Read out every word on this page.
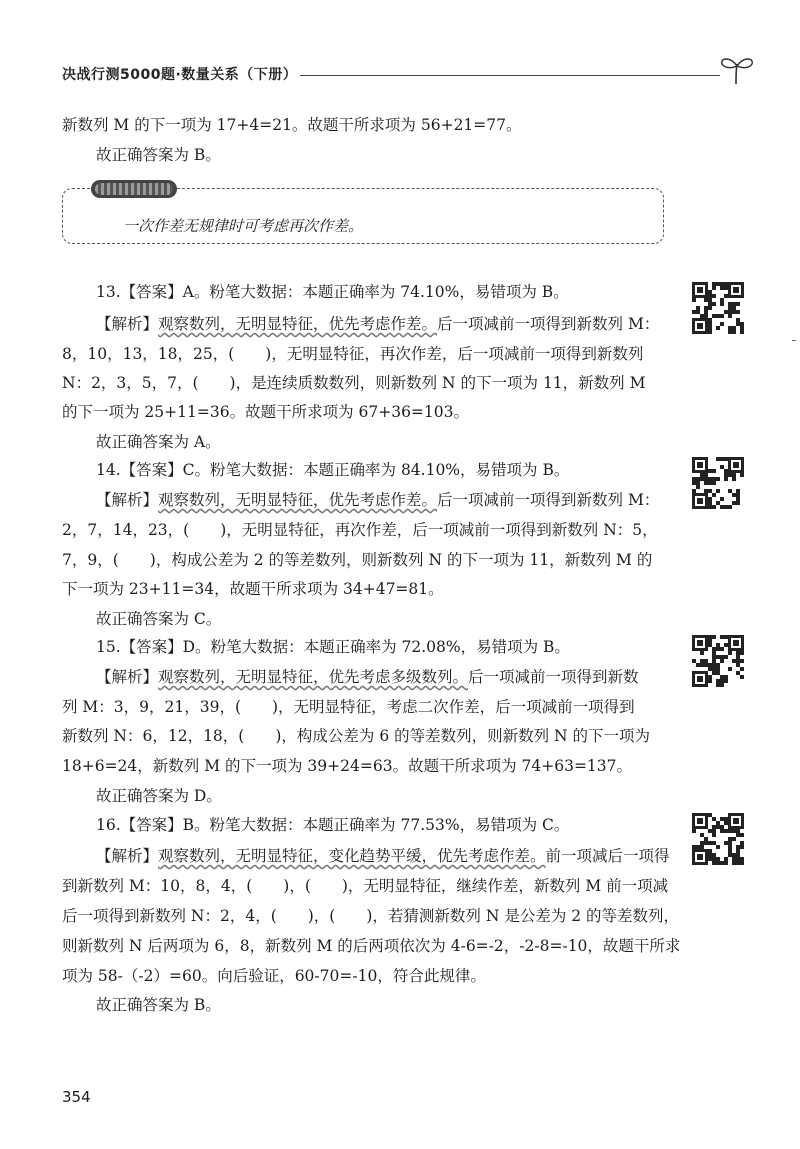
决战行测5000题·数量关系（下册）
新数列 M 的下一项为 17+4=21。故题干所求项为 56+21=77。
故正确答案为 B。
一次作差无规律时可考虑再次作差。
13.【答案】A。粉笔大数据：本题正确率为 74.10%，易错项为 B。
【解析】观察数列，无明显特征，优先考虑作差。后一项减前一项得到新数列 M：
8，10，13，18，25，(　　)，无明显特征，再次作差，后一项减前一项得到新数列
N：2，3，5，7，(　　)，是连续质数数列，则新数列 N 的下一项为 11，新数列 M
的下一项为 25+11=36。故题干所求项为 67+36=103。
故正确答案为 A。
14.【答案】C。粉笔大数据：本题正确率为 84.10%，易错项为 B。
【解析】观察数列，无明显特征，优先考虑作差。后一项减前一项得到新数列 M：
2，7，14，23，(　　)，无明显特征，再次作差，后一项减前一项得到新数列 N：5，
7，9，(　　)，构成公差为 2 的等差数列，则新数列 N 的下一项为 11，新数列 M 的
下一项为 23+11=34，故题干所求项为 34+47=81。
故正确答案为 C。
15.【答案】D。粉笔大数据：本题正确率为 72.08%，易错项为 B。
【解析】观察数列，无明显特征，优先考虑多级数列。后一项减前一项得到新数
列 M：3，9，21，39，(　　)，无明显特征，考虑二次作差，后一项减前一项得到
新数列 N：6，12，18，(　　)，构成公差为 6 的等差数列，则新数列 N 的下一项为
18+6=24，新数列 M 的下一项为 39+24=63。故题干所求项为 74+63=137。
故正确答案为 D。
16.【答案】B。粉笔大数据：本题正确率为 77.53%，易错项为 C。
【解析】观察数列，无明显特征，变化趋势平缓，优先考虑作差。前一项减后一项得
到新数列 M：10，8，4，(　　)，(　　)，无明显特征，继续作差，新数列 M 前一项减
后一项得到新数列 N：2，4，(　　)，(　　)，若猜测新数列 N 是公差为 2 的等差数列，
则新数列 N 后两项为 6，8，新数列 M 的后两项依次为 4-6=-2，-2-8=-10，故题干所求
项为 58-（-2）=60。向后验证，60-70=-10，符合此规律。
故正确答案为 B。
354
